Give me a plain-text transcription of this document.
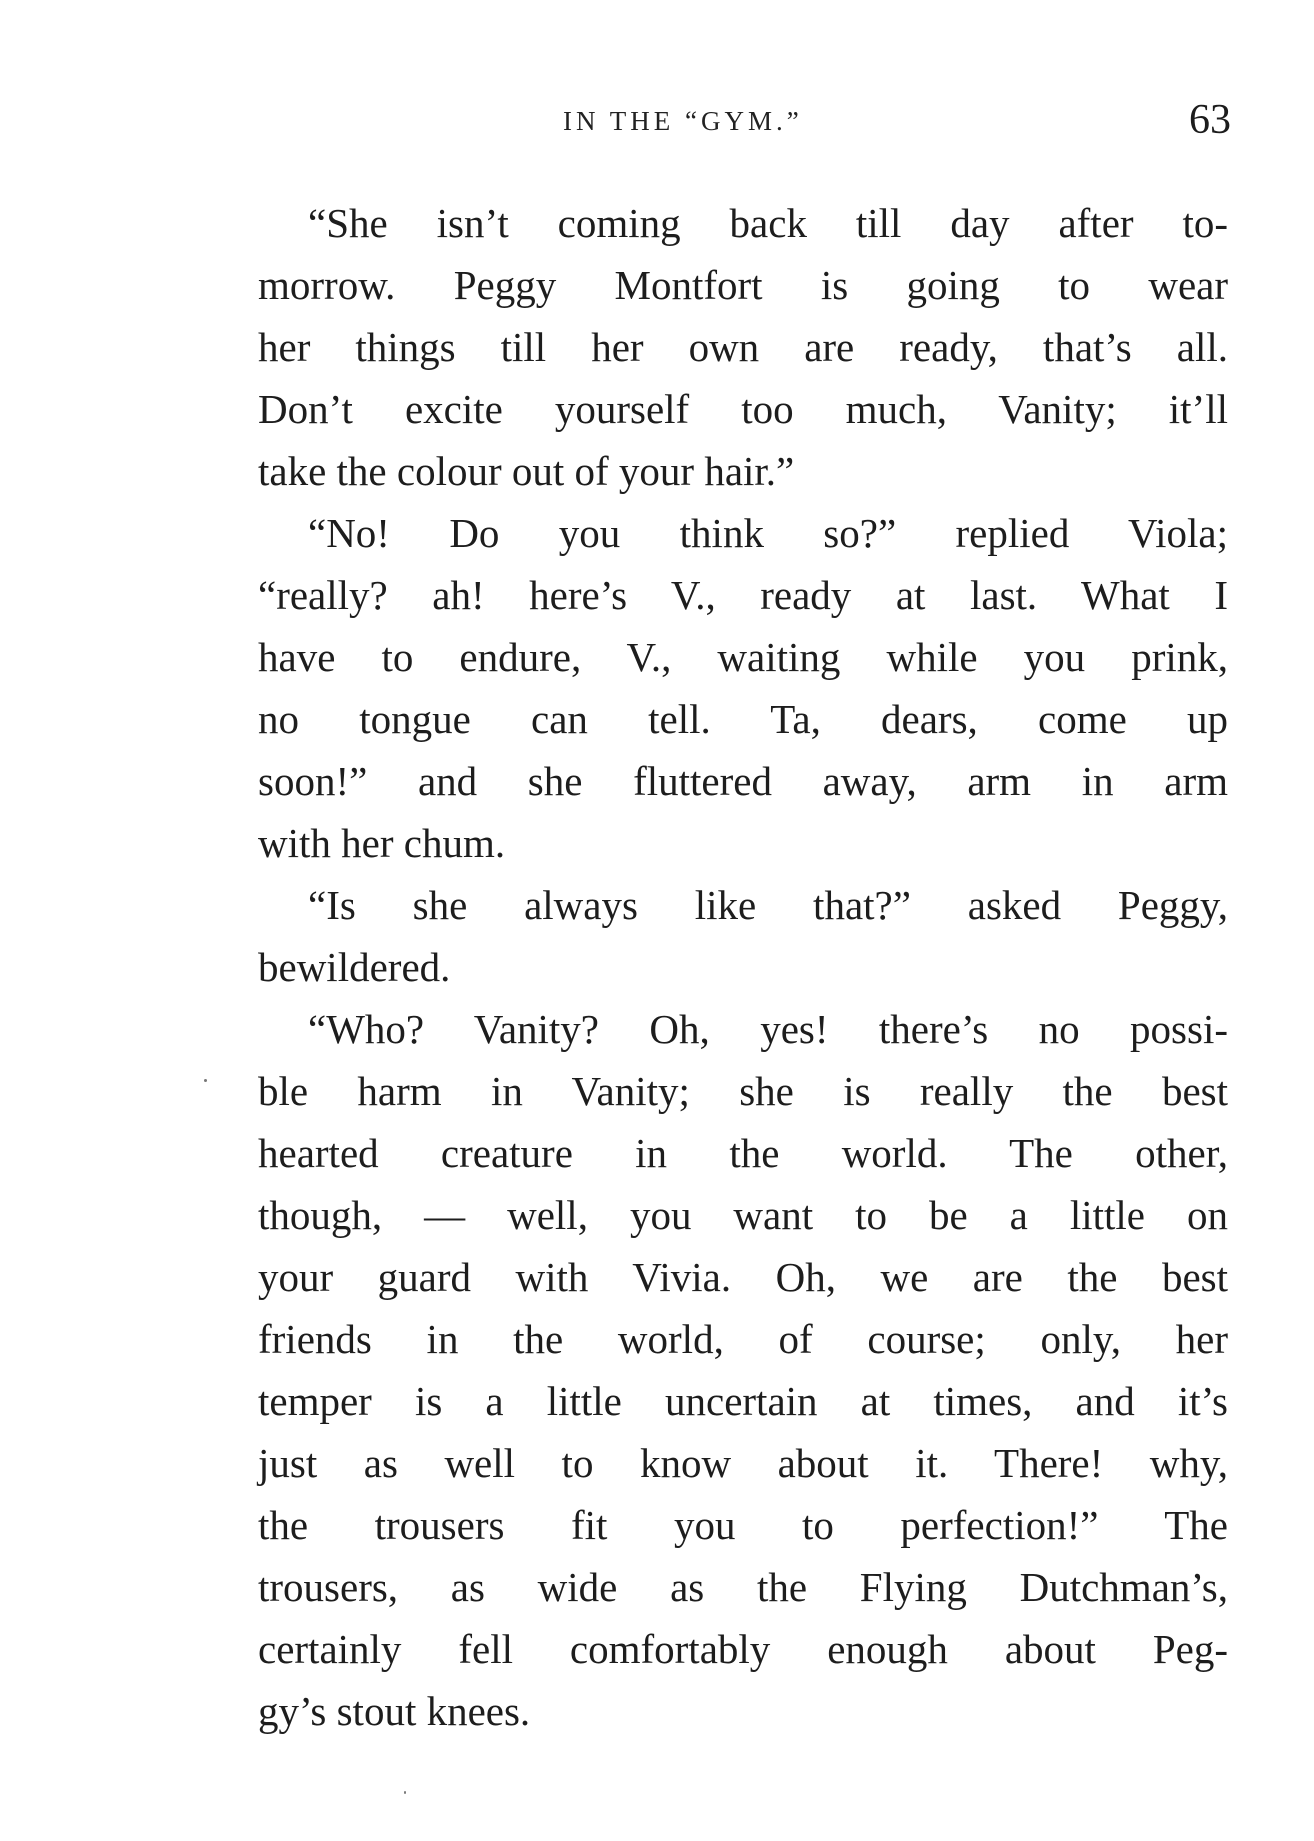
IN THE “GYM.”	63
“She isn’t coming back till day after to-
morrow. Peggy Montfort is going to wear
her things till her own are ready, that’s all.
Don’t excite yourself too much, Vanity; it’ll
take the colour out of your hair.”
“No! Do you think so?” replied Viola;
“really? ah! here’s V., ready at last. What I
have to endure, V., waiting while you prink,
no tongue can tell. Ta, dears, come up
soon!” and she fluttered away, arm in arm
with her chum.
“Is she always like that?” asked Peggy,
bewildered.
“Who? Vanity? Oh, yes! there’s no possi-
ble harm in Vanity; she is really the best
hearted creature in the world. The other,
though, — well, you want to be a little on
your guard with Vivia. Oh, we are the best
friends in the world, of course; only, her
temper is a little uncertain at times, and it’s
just as well to know about it. There! why,
the trousers fit you to perfection!” The
trousers, as wide as the Flying Dutchman’s,
certainly fell comfortably enough about Peg-
gy’s stout knees.
